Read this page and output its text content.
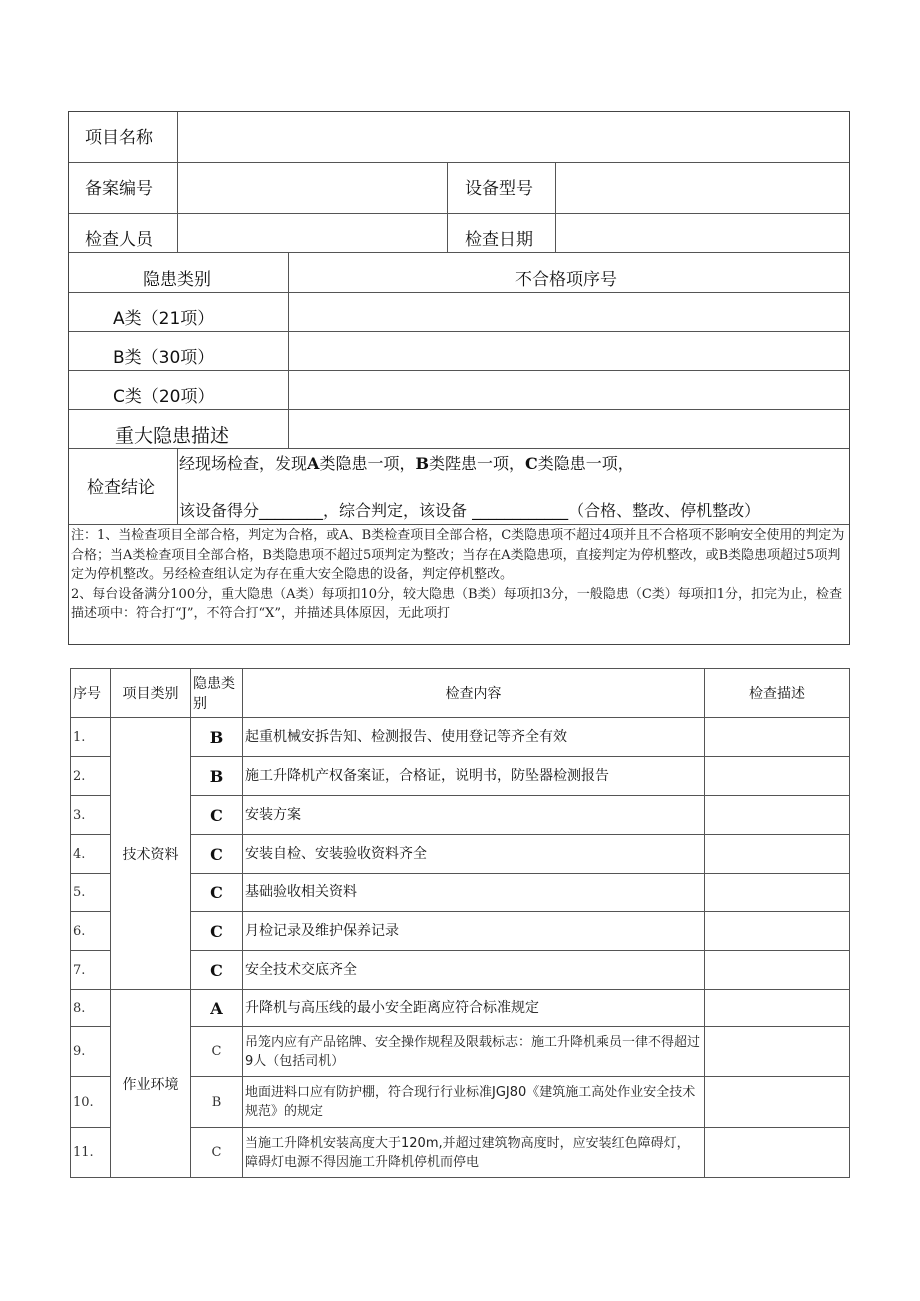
项目名称
备案编号	设备型号
检查人员	检查日期
隐患类别	不合格项序号
A类（21项）
B类（30项）
C类（20项）
重大隐患描述
检查结论
经现场检查，发现A类隐患一项，B类陛患一项，C类隐患一项，
该设备得分________，综合判定，该设备 ____________（合格、整改、停机整改）

注：1、当检查项目全部合格，判定为合格，或A、B类检查项目全部合格，C类隐患项不超过4项并且不合格项不影响安全使用的判定为合格；当A类检查项目全部合格，B类隐患项不超过5项判定为整改；当存在A类隐患项，直接判定为停机整改，或B类隐患项超过5项判定为停机整改。另经检查组认定为存在重大安全隐患的设备，判定停机整改。

2、每台设备满分100分，重大隐患（A类）每项扣10分，较大隐患（B类）每项扣3分，一般隐患（C类）每项扣1分，扣完为止，检查描述项中：符合打“J”，不符合打“X”，并描述具体原因，无此项打

序号	项目类别	隐患类别	检查内容	检查描述
1.	技术资料	B	起重机械安拆告知、检测报告、使用登记等齐全有效	
2.		B	施工升降机产权备案证，合格证，说明书，防坠器检测报告	
3.		C	安装方案	
4.		C	安装自检、安装验收资料齐全	
5.		C	基础验收相关资料	
6.		C	月检记录及维护保养记录	
7.		C	安全技术交底齐全	
8.	作业环境	A	升降机与高压线的最小安全距离应符合标准规定	
9.		C	吊笼内应有产品铭牌、安全操作规程及限载标志：施工升降机乘员一律不得超过9人（包括司机）	
10.		B	地面进料口应有防护棚，符合现行行业标准JGJ80《建筑施工高处作业安全技术规范》的规定	
11.		C	当施工升降机安装高度大于120m,并超过建筑物高度时，应安装红色障碍灯，障碍灯电源不得因施工升降机停机而停电	
